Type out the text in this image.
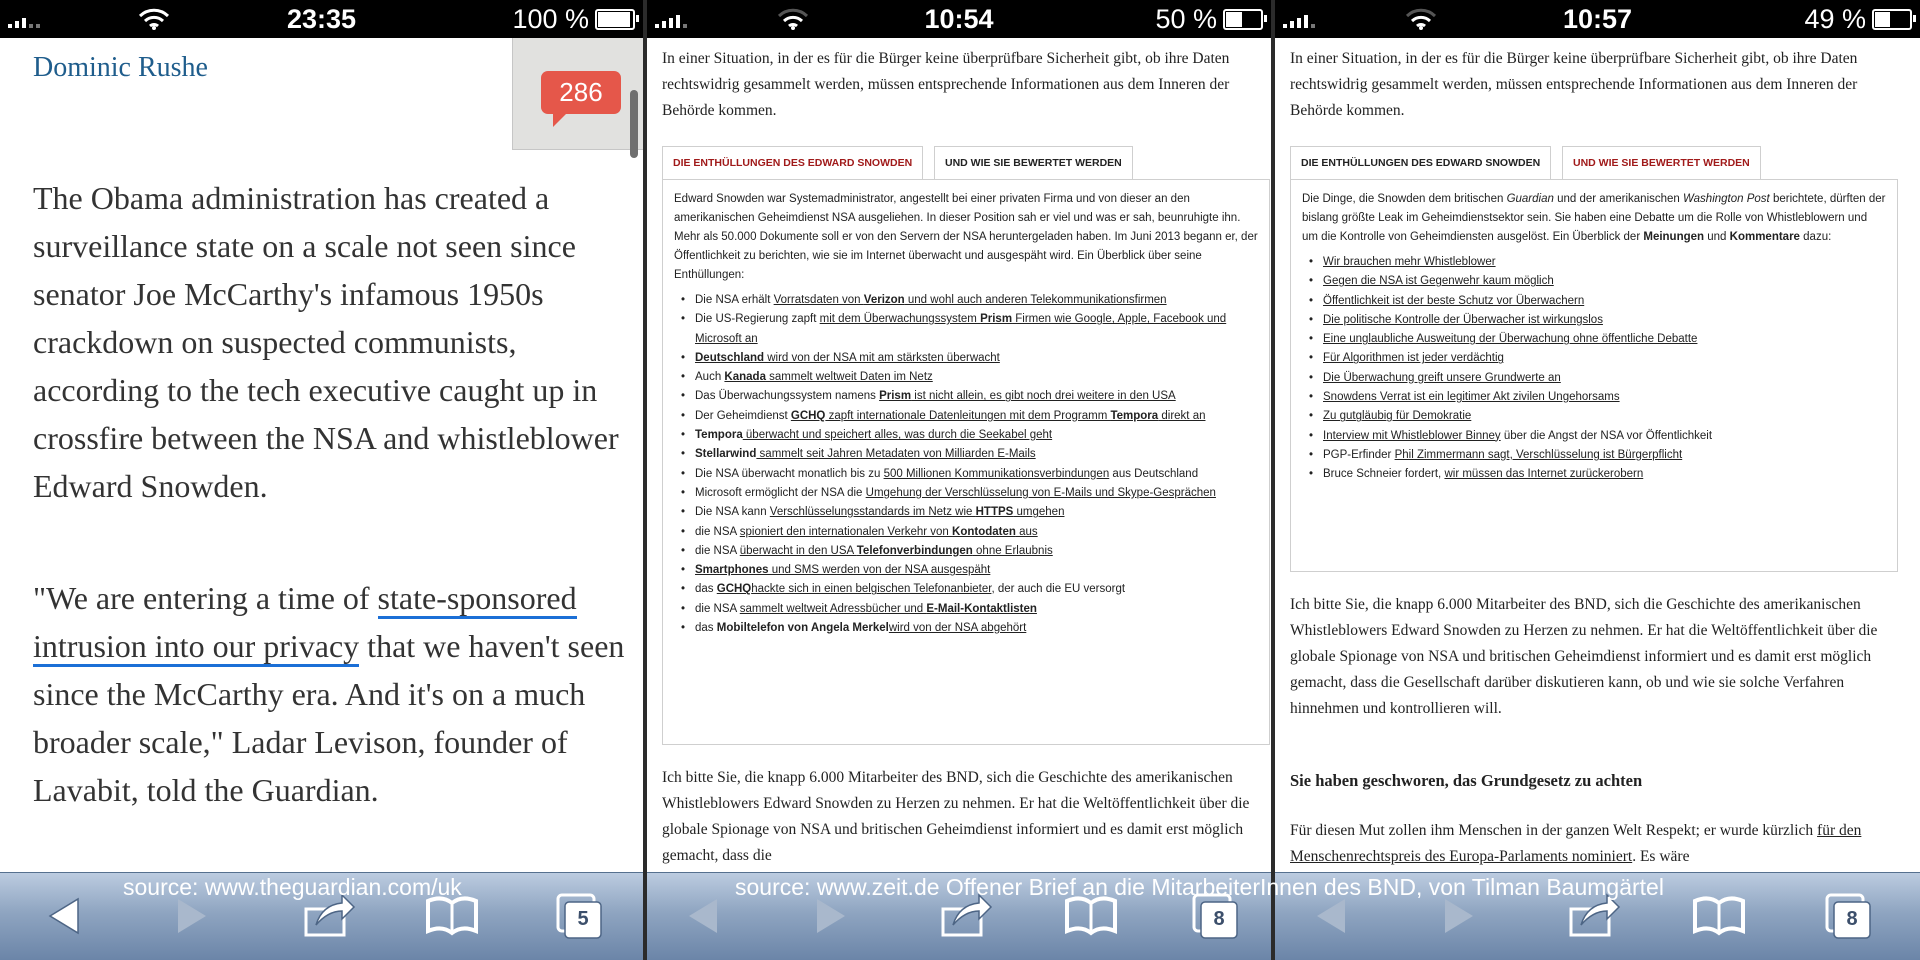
23:35	100 %
Dominic Rushe
286
The Obama administration has created a surveillance state on a scale not seen since senator Joe McCarthy's infamous 1950s crackdown on suspected communists, according to the tech executive caught up in crossfire between the NSA and whistleblower Edward Snowden.
"We are entering a time of state-sponsored intrusion into our privacy that we haven't seen since the McCarthy era. And it's on a much broader scale," Ladar Levison, founder of Lavabit, told the Guardian.
5
source: www.theguardian.com/uk
10:54	50 %
In einer Situation, in der es für die Bürger keine überprüfbare Sicherheit gibt, ob ihre Daten rechtswidrig gesammelt werden, müssen entsprechende Informationen aus dem Inneren der Behörde kommen.
DIE ENTHÜLLUNGEN DES EDWARD SNOWDEN	UND WIE SIE BEWERTET WERDEN
Edward Snowden war Systemadministrator, angestellt bei einer privaten Firma und von dieser an den amerikanischen Geheimdienst NSA ausgeliehen. In dieser Position sah er viel und was er sah, beunruhigte ihn. Mehr als 50.000 Dokumente soll er von den Servern der NSA heruntergeladen haben. Im Juni 2013 begann er, der Öffentlichkeit zu berichten, wie sie im Internet überwacht und ausgespäht wird. Ein Überblick über seine Enthüllungen:
• Die NSA erhält Vorratsdaten von Verizon und wohl auch anderen Telekommunikationsfirmen
• Die US-Regierung zapft mit dem Überwachungssystem Prism Firmen wie Google, Apple, Facebook und Microsoft an
• Deutschland wird von der NSA mit am stärksten überwacht
• Auch Kanada sammelt weltweit Daten im Netz
• Das Überwachungssystem namens Prism ist nicht allein, es gibt noch drei weitere in den USA
• Der Geheimdienst GCHQ zapft internationale Datenleitungen mit dem Programm Tempora direkt an
• Tempora überwacht und speichert alles, was durch die Seekabel geht
• Stellarwind sammelt seit Jahren Metadaten von Milliarden E-Mails
• Die NSA überwacht monatlich bis zu 500 Millionen Kommunikationsverbindungen aus Deutschland
• Microsoft ermöglicht der NSA die Umgehung der Verschlüsselung von E-Mails und Skype-Gesprächen
• Die NSA kann Verschlüsselungsstandards im Netz wie HTTPS umgehen
• die NSA spioniert den internationalen Verkehr von Kontodaten aus
• die NSA überwacht in den USA Telefonverbindungen ohne Erlaubnis
• Smartphones und SMS werden von der NSA ausgespäht
• das GCHQhackte sich in einen belgischen Telefonanbieter, der auch die EU versorgt
• die NSA sammelt weltweit Adressbücher und E-Mail-Kontaktlisten
• das Mobiltelefon von Angela Merkelwird von der NSA abgehört
Ich bitte Sie, die knapp 6.000 Mitarbeiter des BND, sich die Geschichte des amerikanischen Whistleblowers Edward Snowden zu Herzen zu nehmen. Er hat die Weltöffentlichkeit über die globale Spionage von NSA und britischen Geheimdienst informiert und es damit erst möglich gemacht, dass die
8
10:57	49 %
In einer Situation, in der es für die Bürger keine überprüfbare Sicherheit gibt, ob ihre Daten rechtswidrig gesammelt werden, müssen entsprechende Informationen aus dem Inneren der Behörde kommen.
DIE ENTHÜLLUNGEN DES EDWARD SNOWDEN	UND WIE SIE BEWERTET WERDEN
Die Dinge, die Snowden dem britischen Guardian und der amerikanischen Washington Post berichtete, dürften der bislang größte Leak im Geheimdienstsektor sein. Sie haben eine Debatte um die Rolle von Whistleblowern und um die Kontrolle von Geheimdiensten ausgelöst. Ein Überblick der Meinungen und Kommentare dazu:
• Wir brauchen mehr Whistleblower
• Gegen die NSA ist Gegenwehr kaum möglich
• Öffentlichkeit ist der beste Schutz vor Überwachern
• Die politische Kontrolle der Überwacher ist wirkungslos
• Eine unglaubliche Ausweitung der Überwachung ohne öffentliche Debatte
• Für Algorithmen ist jeder verdächtig
• Die Überwachung greift unsere Grundwerte an
• Snowdens Verrat ist ein legitimer Akt zivilen Ungehorsams
• Zu gutgläubig für Demokratie
• Interview mit Whistleblower Binney über die Angst der NSA vor Öffentlichkeit
• PGP-Erfinder Phil Zimmermann sagt, Verschlüsselung ist Bürgerpflicht
• Bruce Schneier fordert, wir müssen das Internet zurückerobern
Ich bitte Sie, die knapp 6.000 Mitarbeiter des BND, sich die Geschichte des amerikanischen Whistleblowers Edward Snowden zu Herzen zu nehmen. Er hat die Weltöffentlichkeit über die globale Spionage von NSA und britischen Geheimdienst informiert und es damit erst möglich gemacht, dass die Gesellschaft darüber diskutieren kann, ob und wie sie solche Verfahren hinnehmen und kontrollieren will.
Sie haben geschworen, das Grundgesetz zu achten
Für diesen Mut zollen ihm Menschen in der ganzen Welt Respekt; er wurde kürzlich für den Menschenrechtspreis des Europa-Parlaments nominiert. Es wäre
8
source: www.zeit.de Offener Brief an die MitarbeiterInnen des BND, von Tilman Baumgärtel
